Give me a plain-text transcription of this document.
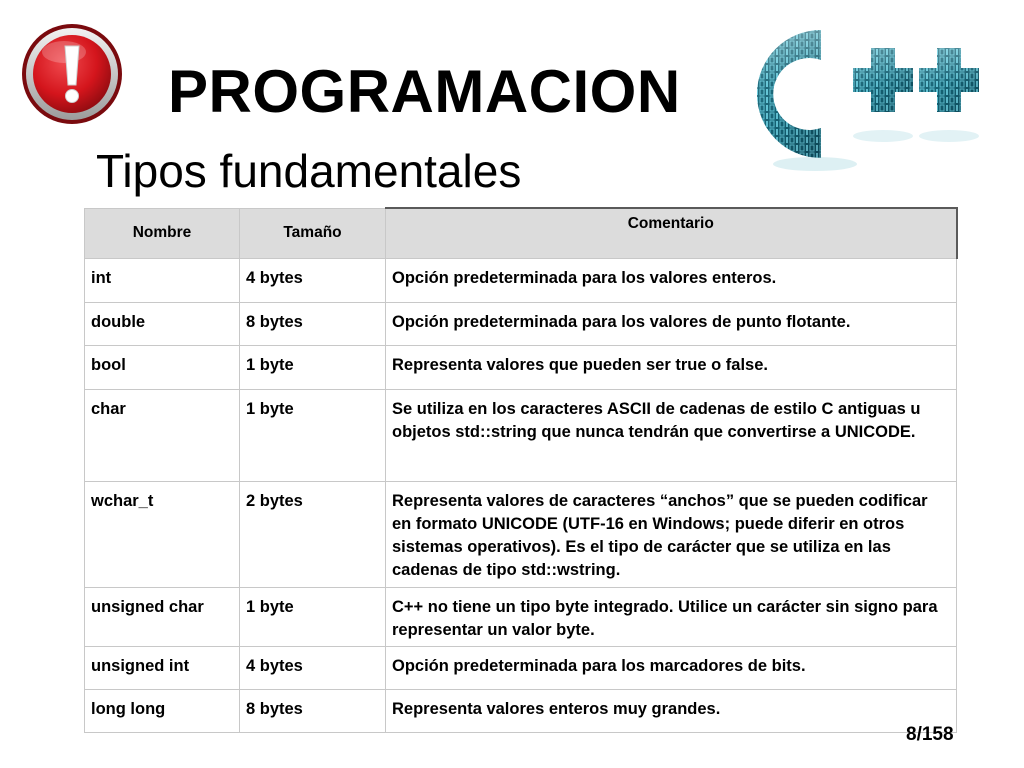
PROGRAMACION
Tipos fundamentales
Nombre	Tamaño	Comentario
int	4 bytes	Opción predeterminada para los valores enteros.
double	8 bytes	Opción predeterminada para los valores de punto flotante.
bool	1 byte	Representa valores que pueden ser true o false.
char	1 byte	Se utiliza en los caracteres ASCII de cadenas de estilo C antiguas u objetos std::string que nunca tendrán que convertirse a UNICODE.
wchar_t	2 bytes	Representa valores de caracteres “anchos” que se pueden codificar en formato UNICODE (UTF-16 en Windows; puede diferir en otros sistemas operativos). Es el tipo de carácter que se utiliza en las cadenas de tipo std::wstring.
unsigned char	1 byte	C++ no tiene un tipo byte integrado. Utilice un carácter sin signo para representar un valor byte.
unsigned int	4 bytes	Opción predeterminada para los marcadores de bits.
long long	8 bytes	Representa valores enteros muy grandes.
8/158
